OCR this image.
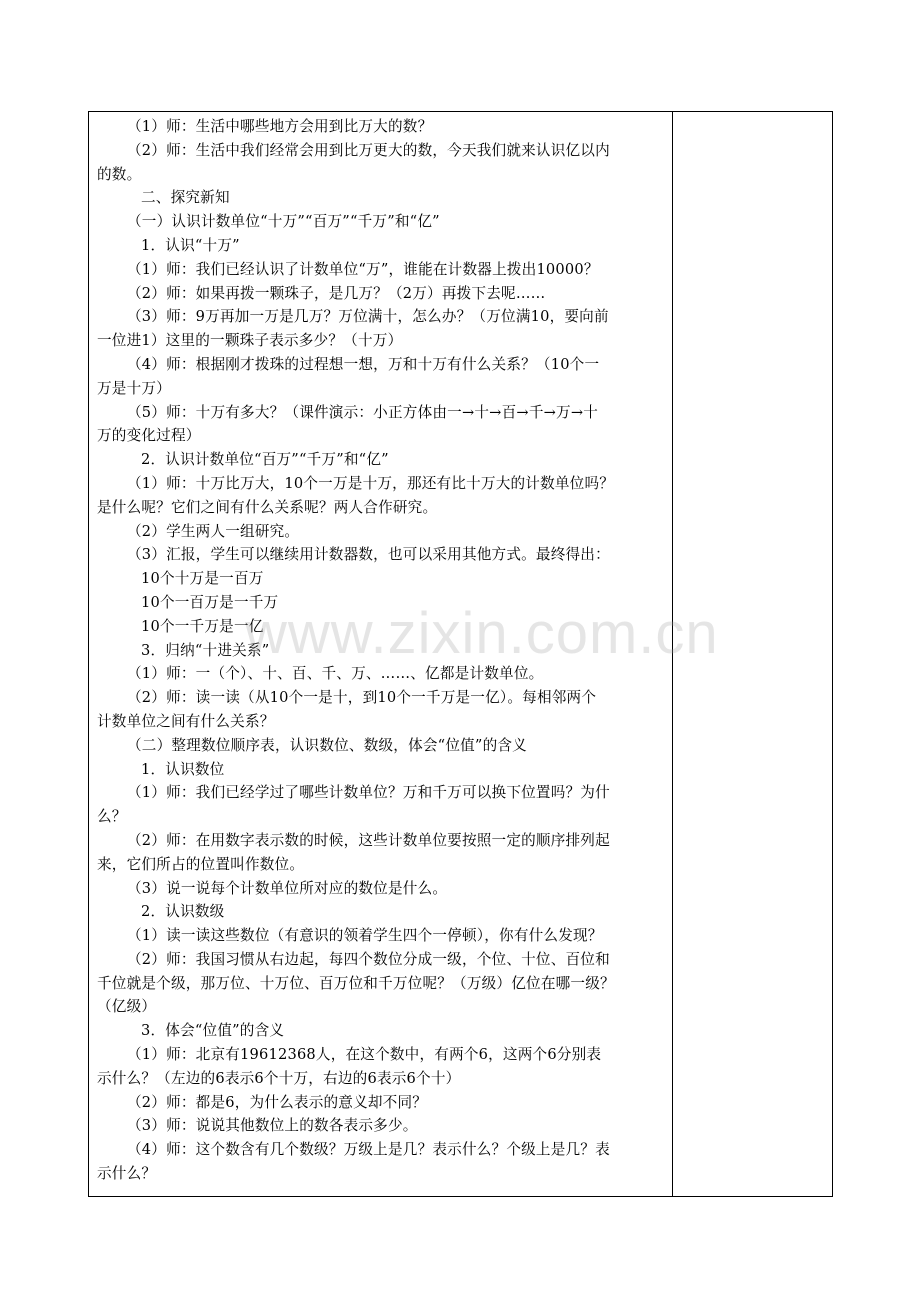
（1）师：生活中哪些地方会用到比万大的数？
（2）师：生活中我们经常会用到比万更大的数，今天我们就来认识亿以内
的数。
二、探究新知
（一）认识计数单位“十万”“百万”“千万”和“亿”
1．认识“十万”
（1）师：我们已经认识了计数单位“万”，谁能在计数器上拨出10000？
（2）师：如果再拨一颗珠子，是几万？（2万）再拨下去呢……
（3）师：9万再加一万是几万？万位满十，怎么办？（万位满10，要向前
一位进1）这里的一颗珠子表示多少？（十万）
（4）师：根据刚才拨珠的过程想一想，万和十万有什么关系？（10个一
万是十万）
（5）师：十万有多大？（课件演示：小正方体由一→十→百→千→万→十
万的变化过程）
2．认识计数单位“百万”“千万”和“亿”
（1）师：十万比万大，10个一万是十万，那还有比十万大的计数单位吗？
是什么呢？它们之间有什么关系呢？两人合作研究。
（2）学生两人一组研究。
（3）汇报，学生可以继续用计数器数，也可以采用其他方式。最终得出：
10个十万是一百万
10个一百万是一千万
10个一千万是一亿
3．归纳“十进关系”
（1）师：一（个）、十、百、千、万、……、亿都是计数单位。
（2）师：读一读（从10个一是十，到10个一千万是一亿）。每相邻两个
计数单位之间有什么关系？
（二）整理数位顺序表，认识数位、数级，体会“位值”的含义
1．认识数位
（1）师：我们已经学过了哪些计数单位？万和千万可以换下位置吗？为什
么？
（2）师：在用数字表示数的时候，这些计数单位要按照一定的顺序排列起
来，它们所占的位置叫作数位。
（3）说一说每个计数单位所对应的数位是什么。
2．认识数级
（1）读一读这些数位（有意识的领着学生四个一停顿），你有什么发现？
（2）师：我国习惯从右边起，每四个数位分成一级，个位、十位、百位和
千位就是个级，那万位、十万位、百万位和千万位呢？（万级）亿位在哪一级？
（亿级）
3．体会“位值”的含义
（1）师：北京有19612368人，在这个数中，有两个6，这两个6分别表
示什么？（左边的6表示6个十万，右边的6表示6个十）
（2）师：都是6，为什么表示的意义却不同？
（3）师：说说其他数位上的数各表示多少。
（4）师：这个数含有几个数级？万级上是几？表示什么？个级上是几？表
示什么？
www.zixin.com.cn
